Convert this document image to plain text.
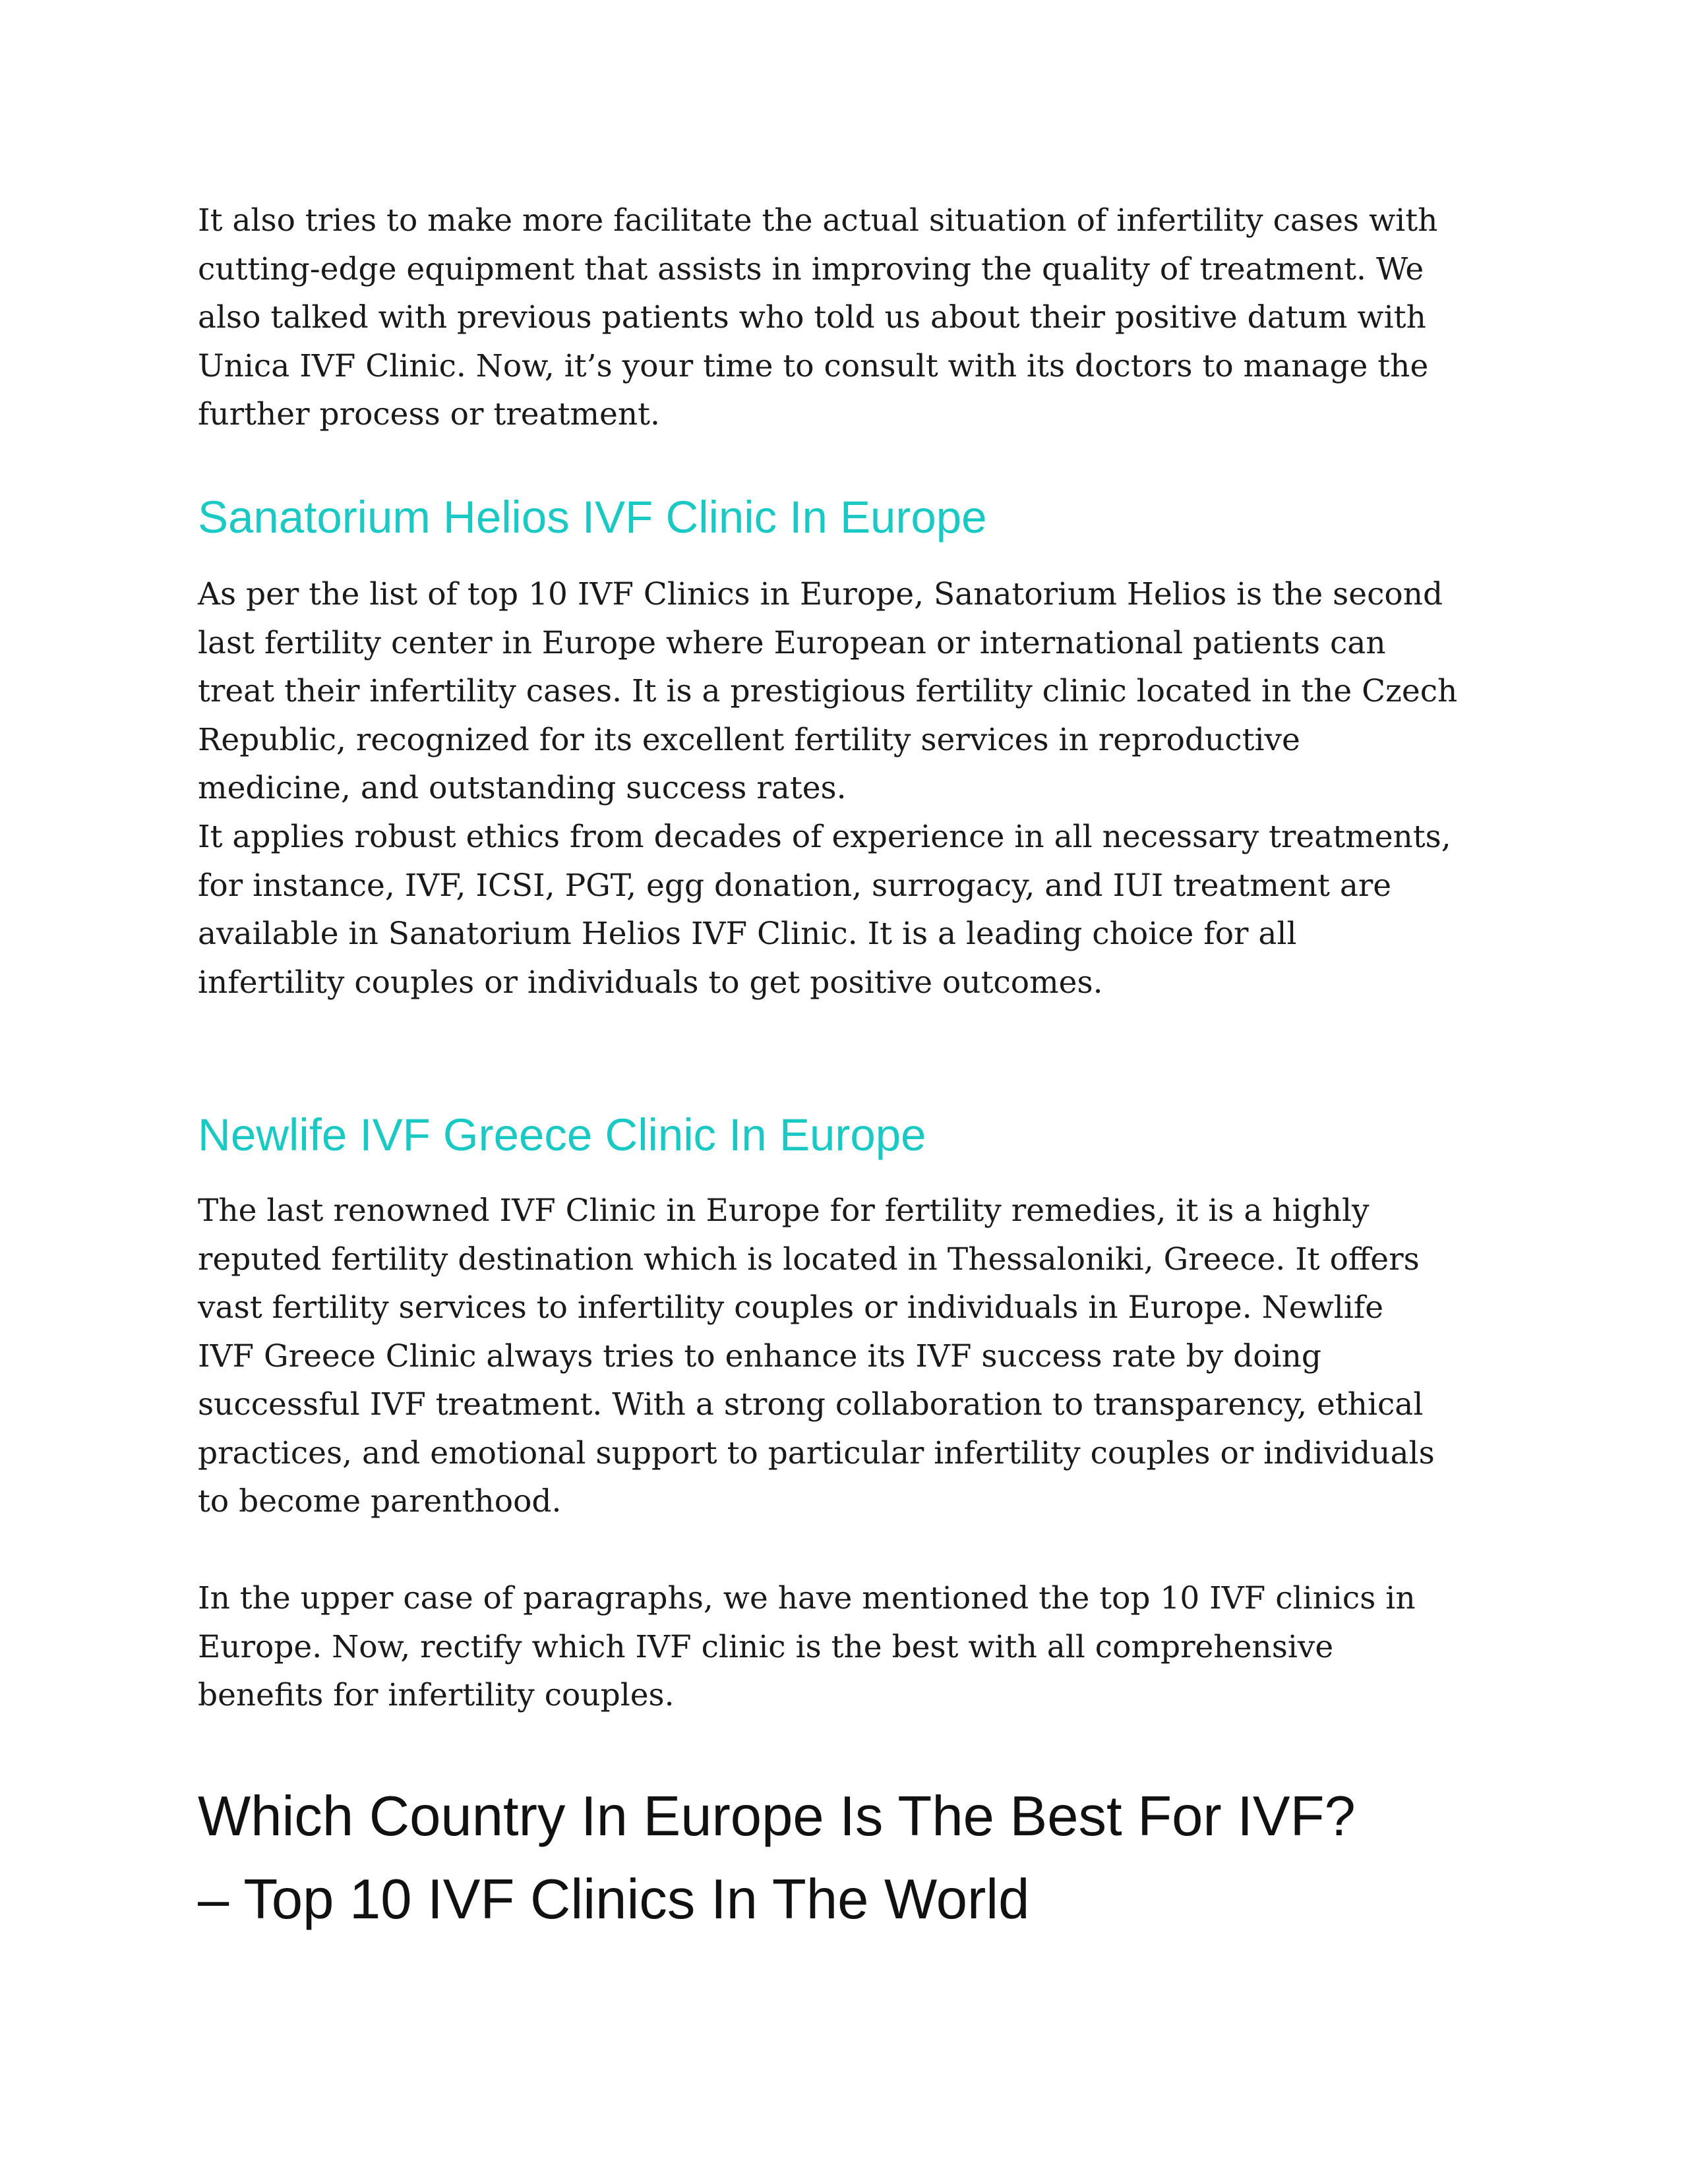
It also tries to make more facilitate the actual situation of infertility cases with
cutting-edge equipment that assists in improving the quality of treatment. We
also talked with previous patients who told us about their positive datum with
Unica IVF Clinic. Now, it’s your time to consult with its doctors to manage the
further process or treatment.

Sanatorium Helios IVF Clinic In Europe

As per the list of top 10 IVF Clinics in Europe, Sanatorium Helios is the second
last fertility center in Europe where European or international patients can
treat their infertility cases. It is a prestigious fertility clinic located in the Czech
Republic, recognized for its excellent fertility services in reproductive
medicine, and outstanding success rates.

It applies robust ethics from decades of experience in all necessary treatments,
for instance, IVF, ICSI, PGT, egg donation, surrogacy, and IUI treatment are
available in Sanatorium Helios IVF Clinic. It is a leading choice for all
infertility couples or individuals to get positive outcomes.

Newlife IVF Greece Clinic In Europe

The last renowned IVF Clinic in Europe for fertility remedies, it is a highly
reputed fertility destination which is located in Thessaloniki, Greece. It offers
vast fertility services to infertility couples or individuals in Europe. Newlife
IVF Greece Clinic always tries to enhance its IVF success rate by doing
successful IVF treatment. With a strong collaboration to transparency, ethical
practices, and emotional support to particular infertility couples or individuals
to become parenthood.

In the upper case of paragraphs, we have mentioned the top 10 IVF clinics in
Europe. Now, rectify which IVF clinic is the best with all comprehensive
benefits for infertility couples.

Which Country In Europe Is The Best For IVF?
– Top 10 IVF Clinics In The World
